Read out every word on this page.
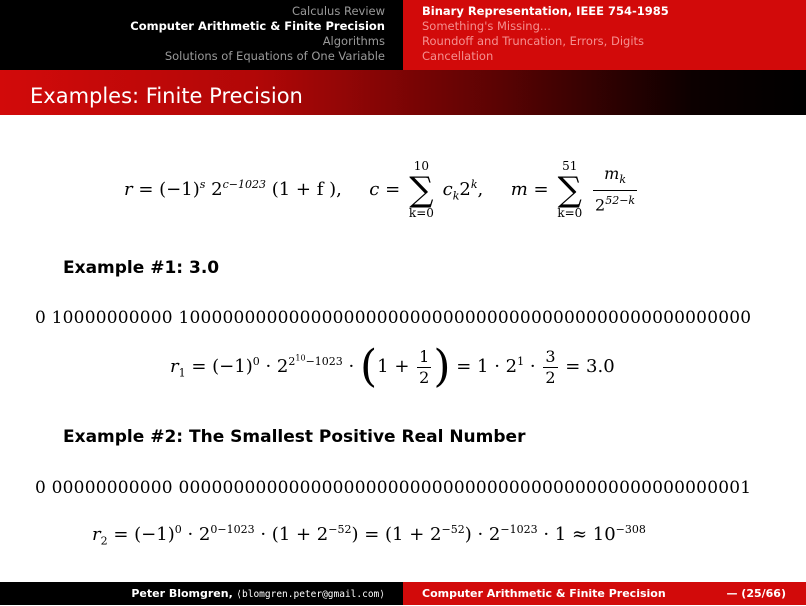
Calculus Review
Computer Arithmetic & Finite Precision
Algorithms
Solutions of Equations of One Variable
Binary Representation, IEEE 754-1985
Something's Missing...
Roundoff and Truncation, Errors, Digits
Cancellation
Examples: Finite Precision
$r = (-1)^s$ $2^{c-1023}$ (1 + f ), c =
10
∑
k=0
$c_k2^k$, m =
51
∑
k=0
$\frac{m_k}{2^{52-k}}$
Example #1: 3.0
0 10000000000 1000000000000000000000000000000000000000000000000000
$r_1 = (-1)^0 \cdot 2^{2^{10}-1023} \cdot (1 + \frac{1}{2}$ ) = $1 \cdot 2^1 \cdot \frac{3}{2} = 3.0$
Example #2: The Smallest Positive Real Number
0 00000000000 0000000000000000000000000000000000000000000000000001
$r_2 = (-1)^0 \cdot 2^{0-1023} \cdot (1 + 2^{-52}) = (1 + 2^{-52}) \cdot 2^{-1023} \cdot 1 \approx 10^{-308}$
Peter Blomgren, ⟨blomgren.peter@gmail.com⟩	Computer Arithmetic & Finite Precision	— (25/66)
